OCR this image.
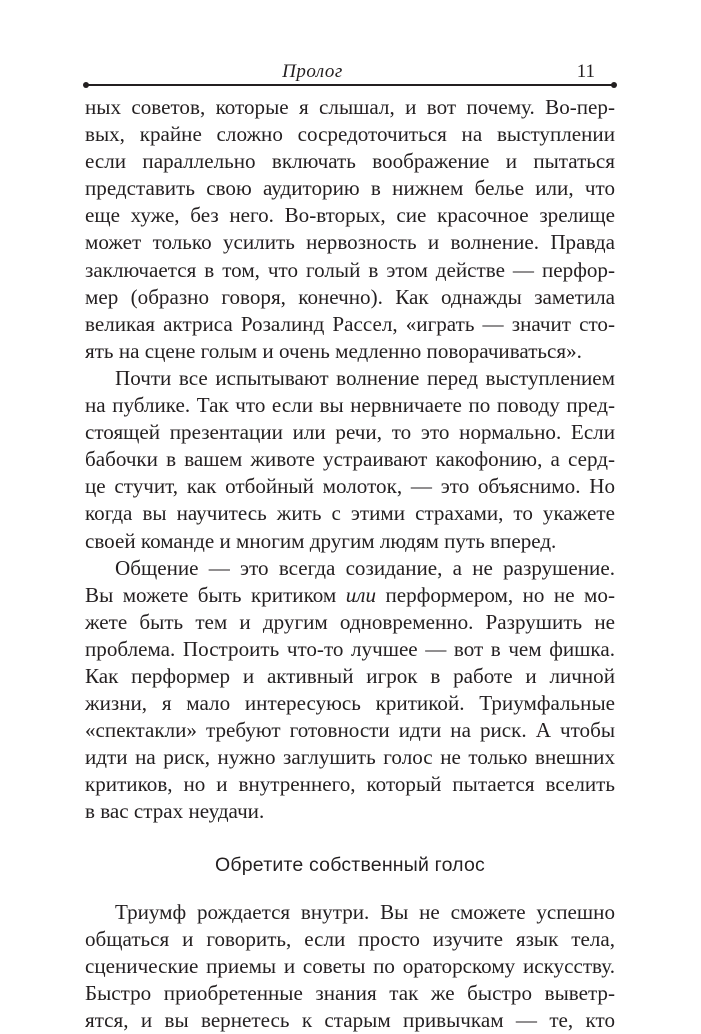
Пролог	11
ных советов, которые я слышал, и вот почему. Во-пер-
вых, крайне сложно сосредоточиться на выступлении
если параллельно включать воображение и пытаться
представить свою аудиторию в нижнем белье или, что
еще хуже, без него. Во-вторых, сие красочное зрелище
может только усилить нервозность и волнение. Правда
заключается в том, что голый в этом действе — перфор-
мер (образно говоря, конечно). Как однажды заметила
великая актриса Розалинд Рассел, «играть — значит сто-
ять на сцене голым и очень медленно поворачиваться».
Почти все испытывают волнение перед выступлением
на публике. Так что если вы нервничаете по поводу пред-
стоящей презентации или речи, то это нормально. Если
бабочки в вашем животе устраивают какофонию, а серд-
це стучит, как отбойный молоток, — это объяснимо. Но
когда вы научитесь жить с этими страхами, то укажете
своей команде и многим другим людям путь вперед.
Общение — это всегда созидание, а не разрушение.
Вы можете быть критиком или перформером, но не мо-
жете быть тем и другим одновременно. Разрушить не
проблема. Построить что-то лучшее — вот в чем фишка.
Как перформер и активный игрок в работе и личной
жизни, я мало интересуюсь критикой. Триумфальные
«спектакли» требуют готовности идти на риск. А чтобы
идти на риск, нужно заглушить голос не только внешних
критиков, но и внутреннего, который пытается вселить
в вас страх неудачи.
Обретите собственный голос
Триумф рождается внутри. Вы не сможете успешно
общаться и говорить, если просто изучите язык тела,
сценические приемы и советы по ораторскому искусству.
Быстро приобретенные знания так же быстро выветр-
ятся, и вы вернетесь к старым привычкам — те, кто
